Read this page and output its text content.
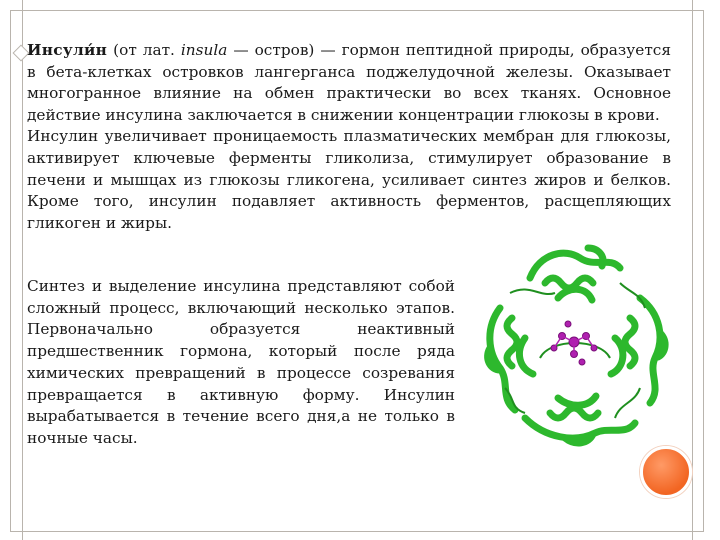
Инсули́н (от лат. insula — остров) — гормон пептидной природы, образуется в бета-клетках островков лангерганса поджелудочной железы. Оказывает многогранное влияние на обмен практически во всех тканях. Основное действие инсулина заключается в снижении концентрации глюкозы в крови.

Инсулин увеличивает проницаемость плазматических мембран для глюкозы, активирует ключевые ферменты гликолиза, стимулирует образование в печени и мышцах из глюкозы гликогена, усиливает синтез жиров и белков. Кроме того, инсулин подавляет активность ферментов, расщепляющих гликоген и жиры.

Синтез и выделение инсулина представляют собой сложный процесс, включающий несколько этапов. Первоначально образуется неактивный предшественник гормона, который после ряда химических превращений в процессе созревания превращается в активную форму. Инсулин вырабатывается в течение всего дня,а не только в ночные часы.
